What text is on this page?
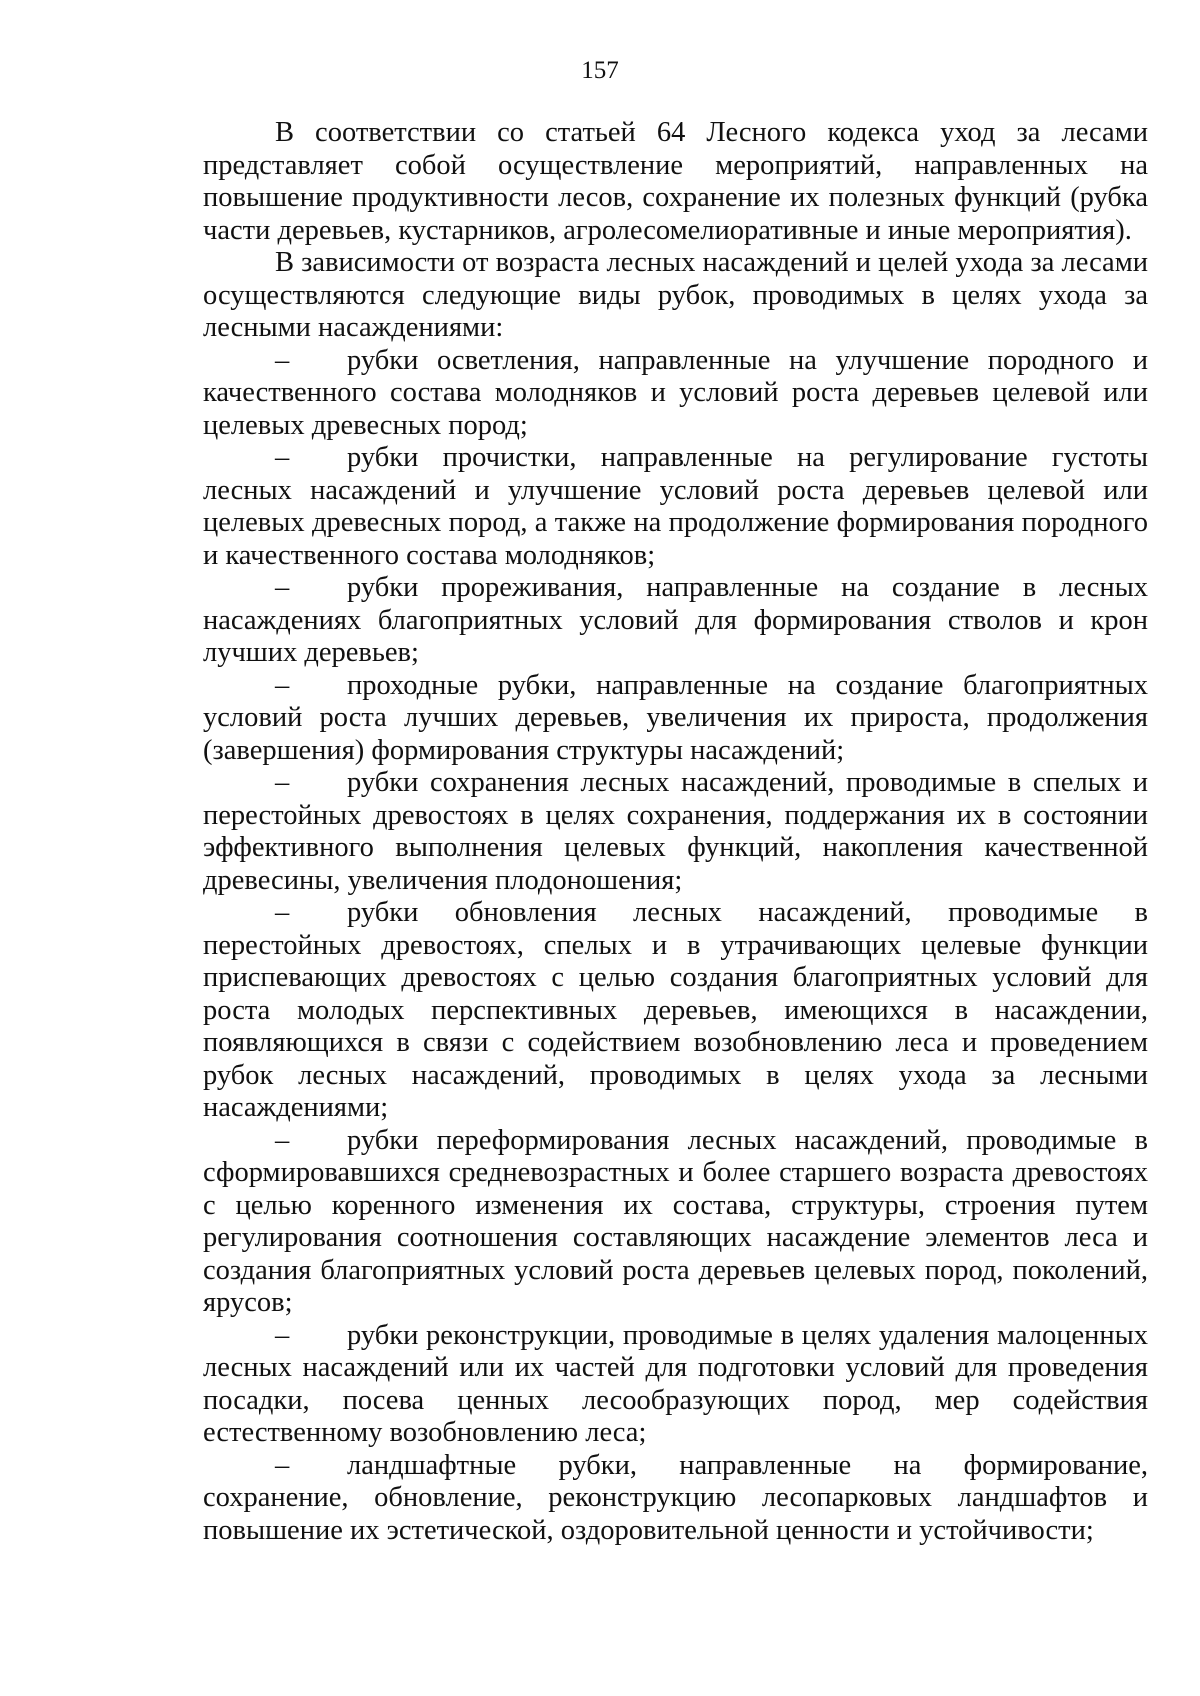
157

В соответствии со статьей 64 Лесного кодекса уход за лесами представляет собой осуществление мероприятий, направленных на повышение продуктивности лесов, сохранение их полезных функций (рубка части деревьев, кустарников, агролесомелиоративные и иные мероприятия).

В зависимости от возраста лесных насаждений и целей ухода за лесами осуществляются следующие виды рубок, проводимых в целях ухода за лесными насаждениями:

– рубки осветления, направленные на улучшение породного и качественного состава молодняков и условий роста деревьев целевой или целевых древесных пород;

– рубки прочистки, направленные на регулирование густоты лесных насаждений и улучшение условий роста деревьев целевой или целевых древесных пород, а также на продолжение формирования породного и качественного состава молодняков;

– рубки прореживания, направленные на создание в лесных насаждениях благоприятных условий для формирования стволов и крон лучших деревьев;

– проходные рубки, направленные на создание благоприятных условий роста лучших деревьев, увеличения их прироста, продолжения (завершения) формирования структуры насаждений;

– рубки сохранения лесных насаждений, проводимые в спелых и перестойных древостоях в целях сохранения, поддержания их в состоянии эффективного выполнения целевых функций, накопления качественной древесины, увеличения плодоношения;

– рубки обновления лесных насаждений, проводимые в перестойных древостоях, спелых и в утрачивающих целевые функции приспевающих древостоях с целью создания благоприятных условий для роста молодых перспективных деревьев, имеющихся в насаждении, появляющихся в связи с содействием возобновлению леса и проведением рубок лесных насаждений, проводимых в целях ухода за лесными насаждениями;

– рубки переформирования лесных насаждений, проводимые в сформировавшихся средневозрастных и более старшего возраста древостоях с целью коренного изменения их состава, структуры, строения путем регулирования соотношения составляющих насаждение элементов леса и создания благоприятных условий роста деревьев целевых пород, поколений, ярусов;

– рубки реконструкции, проводимые в целях удаления малоценных лесных насаждений или их частей для подготовки условий для проведения посадки, посева ценных лесообразующих пород, мер содействия естественному возобновлению леса;

– ландшафтные рубки, направленные на формирование, сохранение, обновление, реконструкцию лесопарковых ландшафтов и повышение их эстетической, оздоровительной ценности и устойчивости;
